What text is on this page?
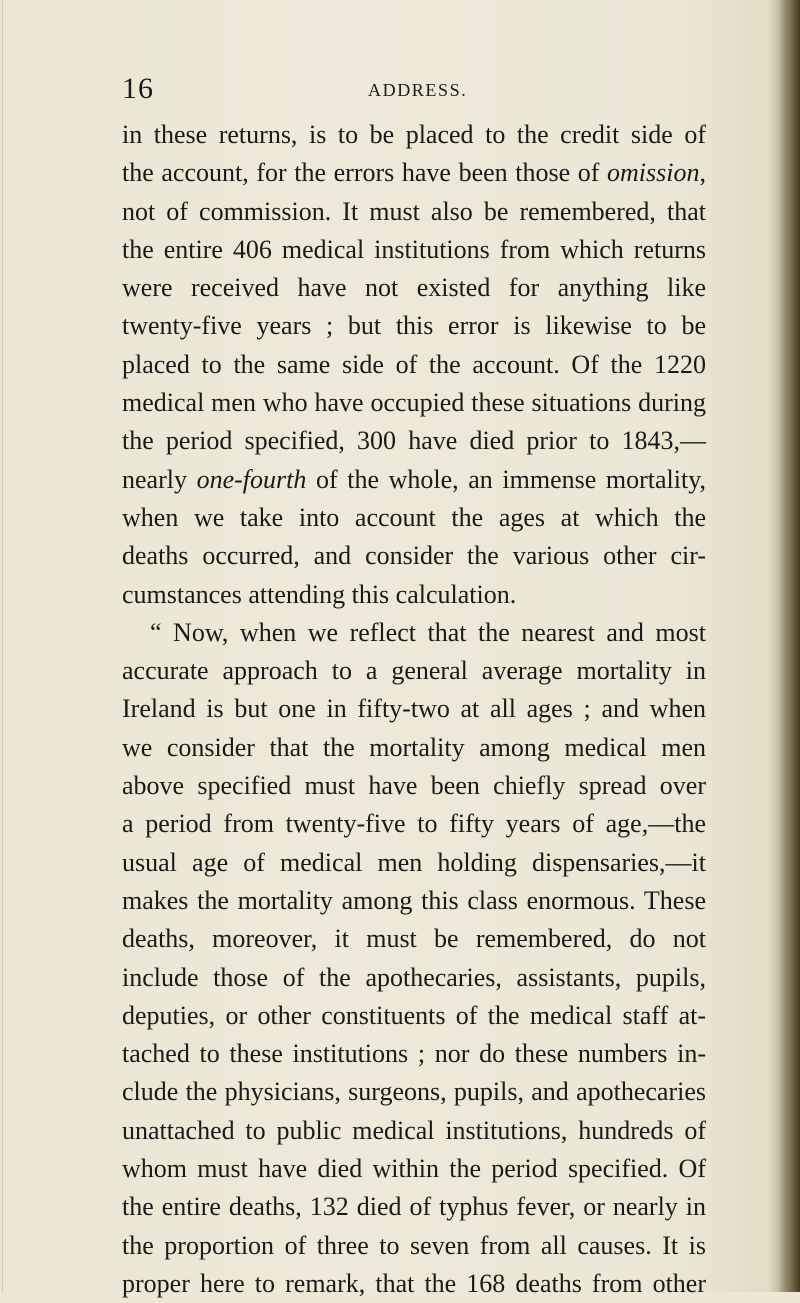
16	ADDRESS.
in these returns, is to be placed to the credit side of
the account, for the errors have been those of omission,
not of commission. It must also be remembered, that
the entire 406 medical institutions from which returns
were received have not existed for anything like
twenty-five years ; but this error is likewise to be
placed to the same side of the account. Of the 1220
medical men who have occupied these situations during
the period specified, 300 have died prior to 1843,—
nearly one-fourth of the whole, an immense mortality,
when we take into account the ages at which the
deaths occurred, and consider the various other cir-
cumstances attending this calculation.
“ Now, when we reflect that the nearest and most
accurate approach to a general average mortality in
Ireland is but one in fifty-two at all ages ; and when
we consider that the mortality among medical men
above specified must have been chiefly spread over
a period from twenty-five to fifty years of age,—the
usual age of medical men holding dispensaries,—it
makes the mortality among this class enormous. These
deaths, moreover, it must be remembered, do not
include those of the apothecaries, assistants, pupils,
deputies, or other constituents of the medical staff at-
tached to these institutions ; nor do these numbers in-
clude the physicians, surgeons, pupils, and apothecaries
unattached to public medical institutions, hundreds of
whom must have died within the period specified. Of
the entire deaths, 132 died of typhus fever, or nearly in
the proportion of three to seven from all causes. It is
proper here to remark, that the 168 deaths from other
